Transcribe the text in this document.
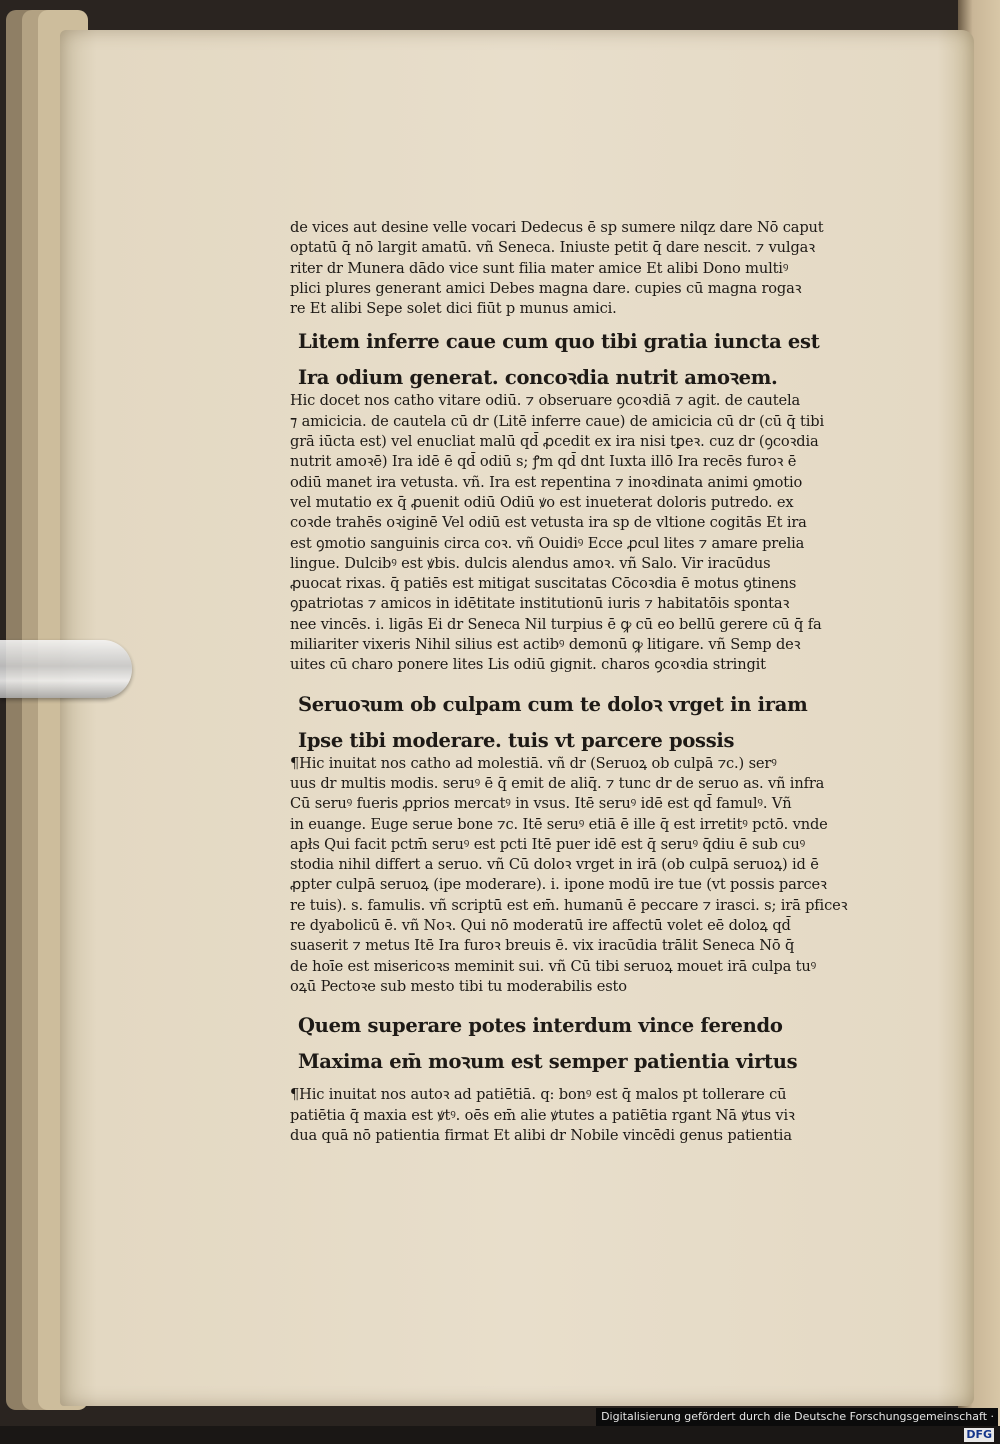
de vices aut desine velle vocari Dedecus ē sp sumere nilqz dare Nō caput
optatū q̄ nō largit amatū. vñ Seneca. Iniuste petit q̄ dare nescit. ⁊ vulgaꝛ
riter dr Munera dādo vice sunt filia mater amice Et alibi Dono multiꝰ
plici plures generant amici Debes magna dare. cupies cū magna rogaꝛ
re Et alibi Sepe solet dici fiūt p munus amici.
Litem inferre caue cum quo tibi gratia iuncta est
Ira odium generat. concoꝛdia nutrit amoꝛem.
Hic docet nos catho vitare odiū. ⁊ obseruare ꝯcoꝛdiā ⁊ agit. de cautela
⁊ amicicia. de cautela cū dr (Litē inferre caue) de amicicia cū dr (cū q̄ tibi
grā iūcta est) vel enucliat malū qd̄ ꝓcedit ex ira nisi tꝑeꝛ. cuz dr (ꝯcoꝛdia
nutrit amoꝛē) Ira idē ē qd̄ odiū s; ꝭm qd̄ dnt Iuxta illō Ira recēs furoꝛ ē
odiū manet ira vetusta. vñ. Ira est repentina ⁊ inoꝛdinata animi ꝯmotio
vel mutatio ex q̄ ꝓuenit odiū Odiū ꝟo est inueterat doloris putredo. ex
coꝛde trahēs oꝛiginē Vel odiū est vetusta ira sp de vltione cogitās Et ira
est ꝯmotio sanguinis circa coꝛ. vñ Ouidiꝰ Ecce ꝓcul lites ⁊ amare prelia
lingue. Dulcibꝰ est ꝟbis. dulcis alendus amoꝛ. vñ Salo. Vir iracūdus
ꝓuocat rixas. q̄ patiēs est mitigat suscitatas Cōcoꝛdia ē motus ꝯtinens
ꝯpatriotas ⁊ amicos in idētitate institutionū iuris ⁊ habitatōis spontaꝛ
nee vincēs. i. ligās Ei dr Seneca Nil turpius ē ꝙ cū eo bellū gerere cū q̄ fa
miliariter vixeris Nihil silius est actibꝰ demonū ꝙ litigare. vñ Semp deꝛ
uites cū charo ponere lites Lis odiū gignit. charos ꝯcoꝛdia stringit
Seruoꝛum ob culpam cum te doloꝛ vrget in iram
Ipse tibi moderare. tuis vt parcere possis
¶Hic inuitat nos catho ad molestiā. vñ dr (Seruoꝝ ob culpā ⁊c.) serꝰ
uus dr multis modis. seruꝰ ē q̄ emit de aliq̄. ⁊ tunc dr de seruo as. vñ infra
Cū seruꝰ fueris ꝓprios mercatꝰ in vsus. Itē seruꝰ idē est qd̄ famulꝰ. Vñ
in euange. Euge serue bone ⁊c. Itē seruꝰ etiā ē ille q̄ est irretitꝰ pctō. vnde
apłs Qui facit pctm̄ seruꝰ est pcti Itē puer idē est q̄ seruꝰ q̄diu ē sub cuꝰ
stodia nihil differt a seruo. vñ Cū doloꝛ vrget in irā (ob culpā seruoꝝ) id ē
ꝓpter culpā seruoꝝ (ipe moderare). i. ipone modū ire tue (vt possis parceꝛ
re tuis). s. famulis. vñ scriptū est em̄. humanū ē peccare ⁊ irasci. s; irā pficeꝛ
re dyabolicū ē. vñ Noꝛ. Qui nō moderatū ire affectū volet eē doloꝝ qd̄
suaserit ⁊ metus Itē Ira furoꝛ breuis ē. vix iracūdia trālit Seneca Nō q̄
de hoīe est misericoꝛs meminit sui. vñ Cū tibi seruoꝝ mouet irā culpa tuꝰ
oꝝū Pectoꝛe sub mesto tibi tu moderabilis esto
Quem superare potes interdum vince ferendo
Maxima em̄ moꝛum est semper patientia virtus
¶Hic inuitat nos autoꝛ ad patiētiā. q: bonꝰ est q̄ malos pt tollerare cū
patiētia q̄ maxia est ꝟtꝰ. oēs em̄ alie ꝟtutes a patiētia rgant Nā ꝟtus viꝛ
dua quā nō patientia firmat Et alibi dr Nobile vincēdi genus patientia
Digitalisierung gefördert durch die Deutsche Forschungsgemeinschaft · DFG
